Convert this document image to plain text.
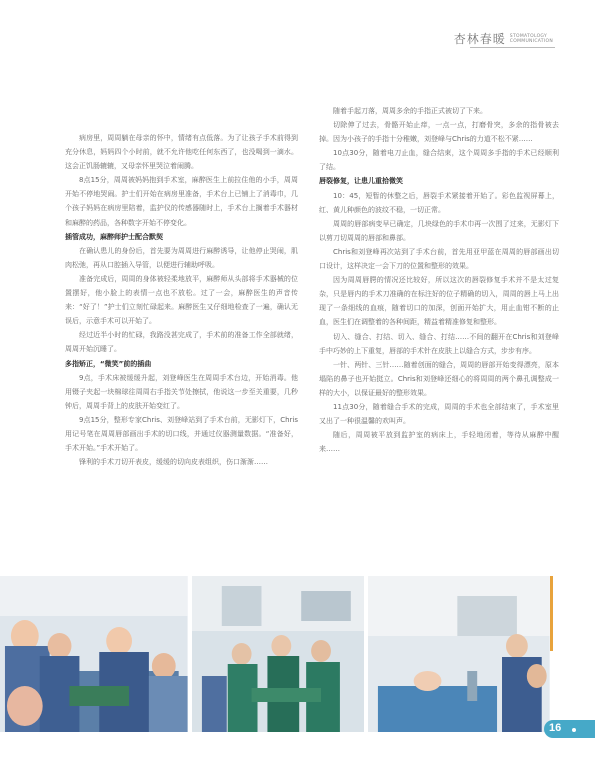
杏林春暖 STOMATOLOGY
COMMUNICATION

病房里，周周躺在母亲的怀中，情绪有点低落。为了让孩子手术前得到充分休息，妈妈四个小时前，就不允许他吃任何东西了，也没喝到一滴水。这会正饥肠辘辘，又母亲怀里哭泣着闹腾。

8点15分，周周被妈妈抱到手术室，麻醉医生上前拉住他的小手，周周开始不停地哭闹。护士们开始在病房里准备，手术台上已铺上了消毒巾，几个孩子妈妈在病房里陪着，监护仪的传感器随时上，手术台上搁着手术器材和麻醉的药品，各种数字开始不停变化。

插管成功，麻醉师护士配合默契

在确认患儿的身份后，首先要为周周进行麻醉诱导，让他停止哭闹，肌肉松弛，再从口腔插入导管，以便进行辅助呼吸。

准备完成后，周周的身体被轻柔地放平，麻醉师从头部将手术器械的位置摆好，他小脸上的表情一点也不放松。过了一会，麻醉医生的声音传来：“好了！”护士们立刻忙碌起来。麻醉医生又仔细地检查了一遍，确认无误后，示意手术可以开始了。

经过近半小时的忙碌，我路没甚完成了，手术前的准备工作全部就绪，周周开始沉睡了。

多指矫正，“微笑”前的插曲

9点，手术床被缓缓升起，刘登峰医生在周周手术台边，开始消毒。他用镊子夹起一块棉球往周周右手指关节处擦拭，他说这一步至关重要，几秒钟后，周周手背上的皮肤开始变红了。

9点15分，整形专家Chris、刘登峰站到了手术台前，无影灯下，Chris用记号笔在周周唇部画出手术的切口线，并通过仪器测量数据。“准备好，手术开始。”手术开始了。

锋利的手术刀切开表皮，缓缓的切向皮表组织，伤口渐渐……

随着手起刀落，周周多余的手指正式被切了下来。

切除伸了过去，骨骼开始止痒，一点一点，打磨骨突，多余的指骨被去掉。因为小孩子的手指十分稚嫩，刘登峰与Chris的力道不松不紧……

10点30分，随着电刀止血，缝合结束，这个周周多手指的手术已经顺利了结。

唇裂修复，让患儿重拾微笑

10：45，短暂的休整之后，唇裂手术紧接着开始了。彩色监视屏幕上，红、黄儿种颜色的波纹不稳，一切正常。

周周的唇部病变早已确定，几块绿色的手术巾再一次围了过来，无影灯下以剪刀切周周的唇部和鼻部。

Chris和刘登峰再次站到了手术台前，首先用亚甲蓝在周周的唇部画出切口设计，这样决定一会下刀的位置和整形的效果。

因为周周唇腭的情况还比较好，所以这次的唇裂修复手术并不是太过复杂，只是唇内的手术刀准确的在标注好的位子精确的切入，周周的唇上马上出现了一条细线的血痕，随着切口的加深，创面开始扩大，用止血钳不断的止血，医生们在调整着的各种间距，精益着精准修复和整形。

切入、缝合、打结、切入、缝合、打结……不间的翻开在Chris和刘登峰手中巧妙的上下重复，唇部的手术针在皮肤上以缝合方式，步步有序。

一针、两针、三针……随着创面的缝合，周周的唇部开始变得漂亮，原本塌陷的鼻子也开始挺立。Chris和刘登峰还细心的将周周的两个鼻孔调整成一样的大小，以保证最好的整形效果。

11点30分，随着缝合手术的完成，周周的手术也全部结束了，手术室里又出了一种很温馨的欢叫声。

随后，周周被平放到监护室的病床上，手轻地闭着，等待从麻醉中醒来……

16
